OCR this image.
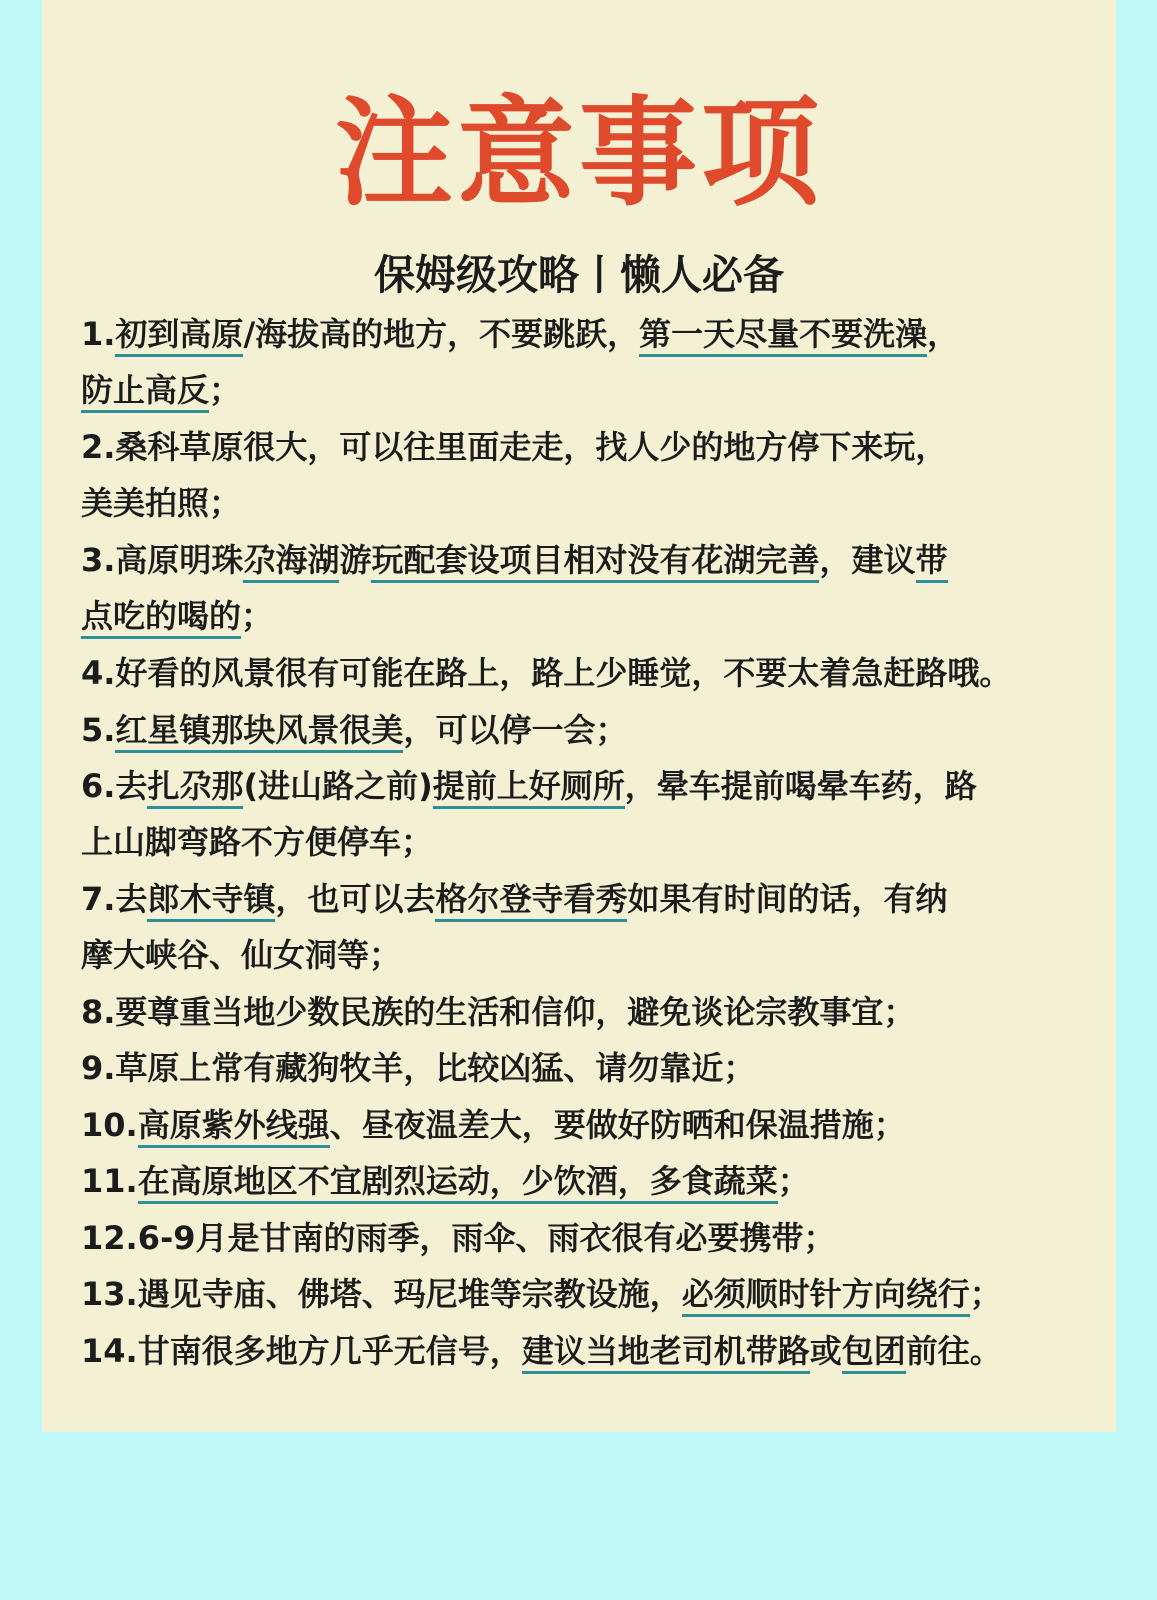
注意事项
保姆级攻略丨懒人必备
1.初到高原/海拔高的地方，不要跳跃，第一天尽量不要洗澡，
防止高反；
2.桑科草原很大，可以往里面走走，找人少的地方停下来玩，
美美拍照；
3.高原明珠尕海湖游玩配套设项目相对没有花湖完善，建议带
点吃的喝的；
4.好看的风景很有可能在路上，路上少睡觉，不要太着急赶路哦。
5.红星镇那块风景很美，可以停一会；
6.去扎尕那(进山路之前)提前上好厕所，晕车提前喝晕车药，路
上山脚弯路不方便停车；
7.去郎木寺镇，也可以去格尔登寺看秀如果有时间的话，有纳
摩大峡谷、仙女洞等；
8.要尊重当地少数民族的生活和信仰，避免谈论宗教事宜；
9.草原上常有藏狗牧羊，比较凶猛、请勿靠近；
10.高原紫外线强、昼夜温差大，要做好防晒和保温措施；
11.在高原地区不宜剧烈运动，少饮酒，多食蔬菜；
12.6-9月是甘南的雨季，雨伞、雨衣很有必要携带；
13.遇见寺庙、佛塔、玛尼堆等宗教设施，必须顺时针方向绕行；
14.甘南很多地方几乎无信号，建议当地老司机带路或包团前往。
